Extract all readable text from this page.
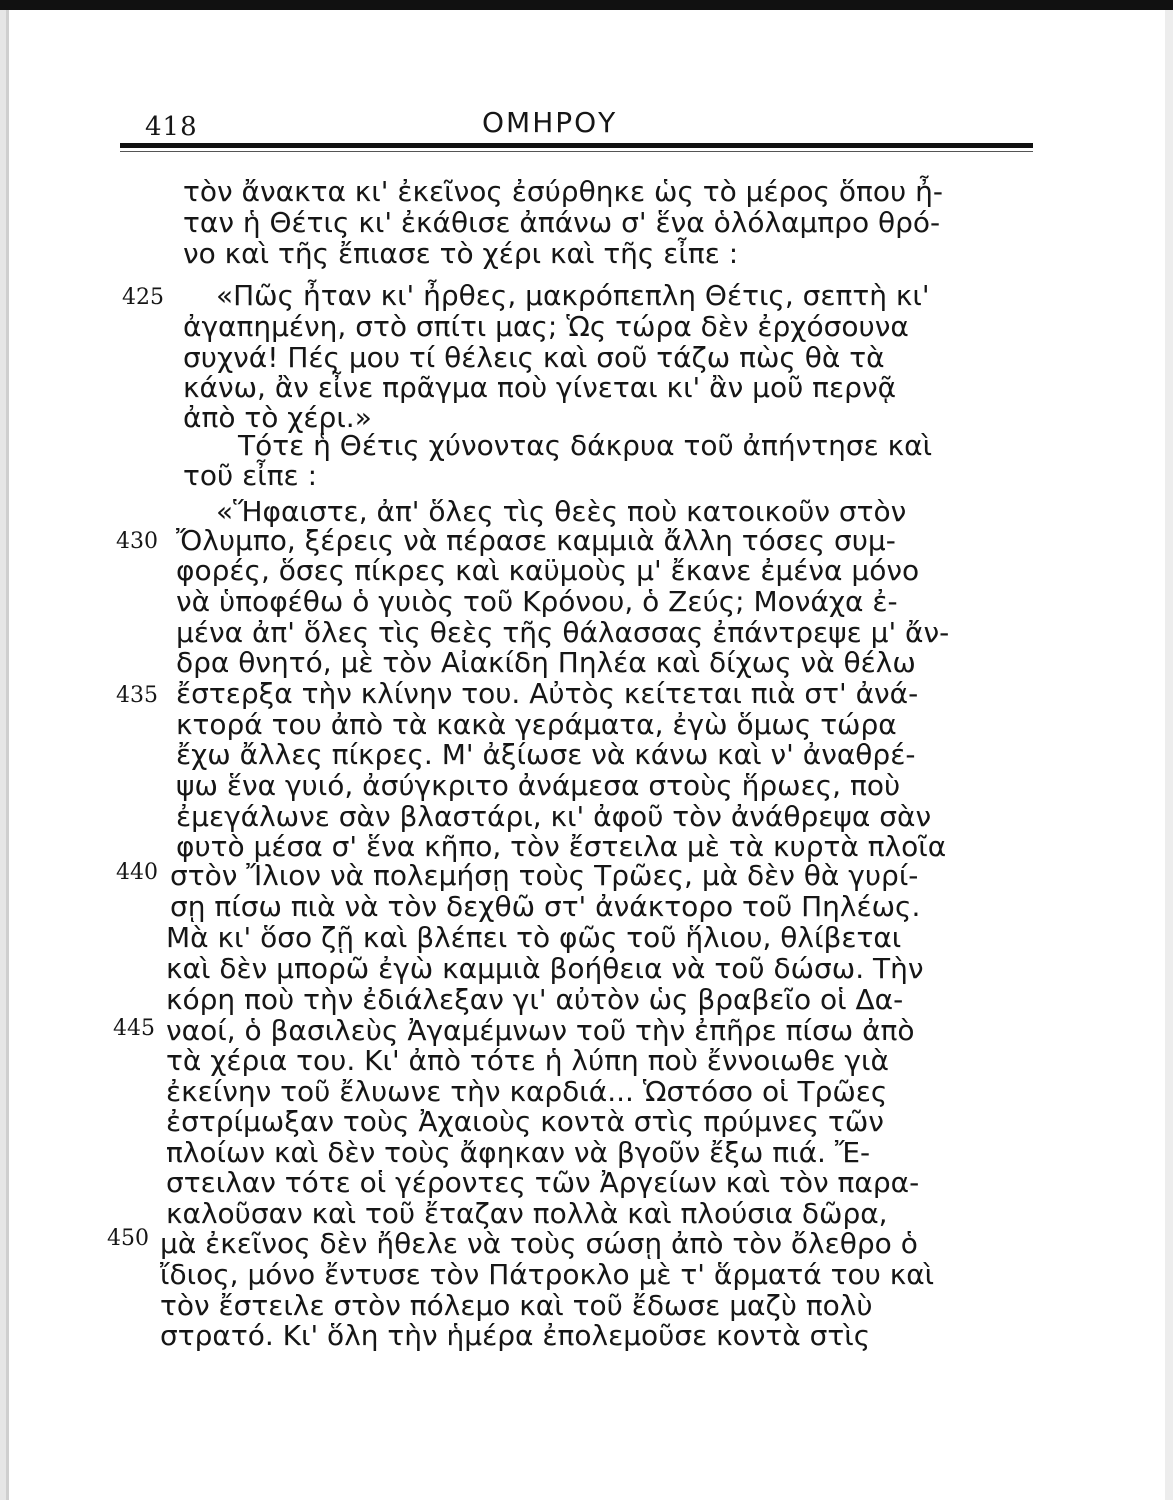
418	ΟΜΗΡΟΥ
425
430
435
440
445
450
τὸν ἄνακτα κι' ἐκεῖνος ἐσύρθηκε ὡς τὸ μέρος ὅπου ἦ-
ταν ἡ Θέτις κι' ἐκάθισε ἀπάνω σ' ἕνα ὁλόλαμπρο θρό-
νο καὶ τῆς ἔπιασε τὸ χέρι καὶ τῆς εἶπε :
«Πῶς ἦταν κι' ἦρθες, μακρόπεπλη Θέτις, σεπτὴ κι'
ἀγαπημένη, στὸ σπίτι μας; Ὡς τώρα δὲν ἐρχόσουνα
συχνά! Πές μου τί θέλεις καὶ σοῦ τάζω πὼς θὰ τὰ
κάνω, ἂν εἶνε πρᾶγμα ποὺ γίνεται κι' ἂν μοῦ περνᾷ
ἀπὸ τὸ χέρι.»
Τότε ἡ Θέτις χύνοντας δάκρυα τοῦ ἀπήντησε καὶ
τοῦ εἶπε :
«Ἥφαιστε, ἀπ' ὅλες τὶς θεὲς ποὺ κατοικοῦν στὸν
Ὄλυμπο, ξέρεις νὰ πέρασε καμμιὰ ἄλλη τόσες συμ-
φορές, ὅσες πίκρες καὶ καϋμοὺς μ' ἔκανε ἐμένα μόνο
νὰ ὑποφέθω ὁ γυιὸς τοῦ Κρόνου, ὁ Ζεύς; Μονάχα ἐ-
μένα ἀπ' ὅλες τὶς θεὲς τῆς θάλασσας ἐπάντρεψε μ' ἄν-
δρα θνητό, μὲ τὸν Αἰακίδη Πηλέα καὶ δίχως νὰ θέλω
ἔστερξα τὴν κλίνην του. Αὐτὸς κείτεται πιὰ στ' ἀνά-
κτορά του ἀπὸ τὰ κακὰ γεράματα, ἐγὼ ὅμως τώρα
ἔχω ἄλλες πίκρες. Μ' ἀξίωσε νὰ κάνω καὶ ν' ἀναθρέ-
ψω ἕνα γυιό, ἀσύγκριτο ἀνάμεσα στοὺς ἥρωες, ποὺ
ἐμεγάλωνε σὰν βλαστάρι, κι' ἀφοῦ τὸν ἀνάθρεψα σὰν
φυτὸ μέσα σ' ἕνα κῆπο, τὸν ἔστειλα μὲ τὰ κυρτὰ πλοῖα
στὸν Ἴλιον νὰ πολεμήσῃ τοὺς Τρῶες, μὰ δὲν θὰ γυρί-
σῃ πίσω πιὰ νὰ τὸν δεχθῶ στ' ἀνάκτορο τοῦ Πηλέως.
Μὰ κι' ὅσο ζῇ καὶ βλέπει τὸ φῶς τοῦ ἥλιου, θλίβεται
καὶ δὲν μπορῶ ἐγὼ καμμιὰ βοήθεια νὰ τοῦ δώσω. Τὴν
κόρη ποὺ τὴν ἐδιάλεξαν γι' αὐτὸν ὡς βραβεῖο οἱ Δα-
ναοί, ὁ βασιλεὺς Ἀγαμέμνων τοῦ τὴν ἐπῆρε πίσω ἀπὸ
τὰ χέρια του. Κι' ἀπὸ τότε ἡ λύπη ποὺ ἔννοιωθε γιὰ
ἐκείνην τοῦ ἔλυωνε τὴν καρδιά... Ὡστόσο οἱ Τρῶες
ἐστρίμωξαν τοὺς Ἀχαιοὺς κοντὰ στὶς πρύμνες τῶν
πλοίων καὶ δὲν τοὺς ἄφηκαν νὰ βγοῦν ἔξω πιά. Ἔ-
στειλαν τότε οἱ γέροντες τῶν Ἀργείων καὶ τὸν παρα-
καλοῦσαν καὶ τοῦ ἔταζαν πολλὰ καὶ πλούσια δῶρα,
μὰ ἐκεῖνος δὲν ἤθελε νὰ τοὺς σώσῃ ἀπὸ τὸν ὄλεθρο ὁ
ἴδιος, μόνο ἔντυσε τὸν Πάτροκλο μὲ τ' ἅρματά του καὶ
τὸν ἔστειλε στὸν πόλεμο καὶ τοῦ ἔδωσε μαζὺ πολὺ
στρατό. Κι' ὅλη τὴν ἡμέρα ἐπολεμοῦσε κοντὰ στὶς
